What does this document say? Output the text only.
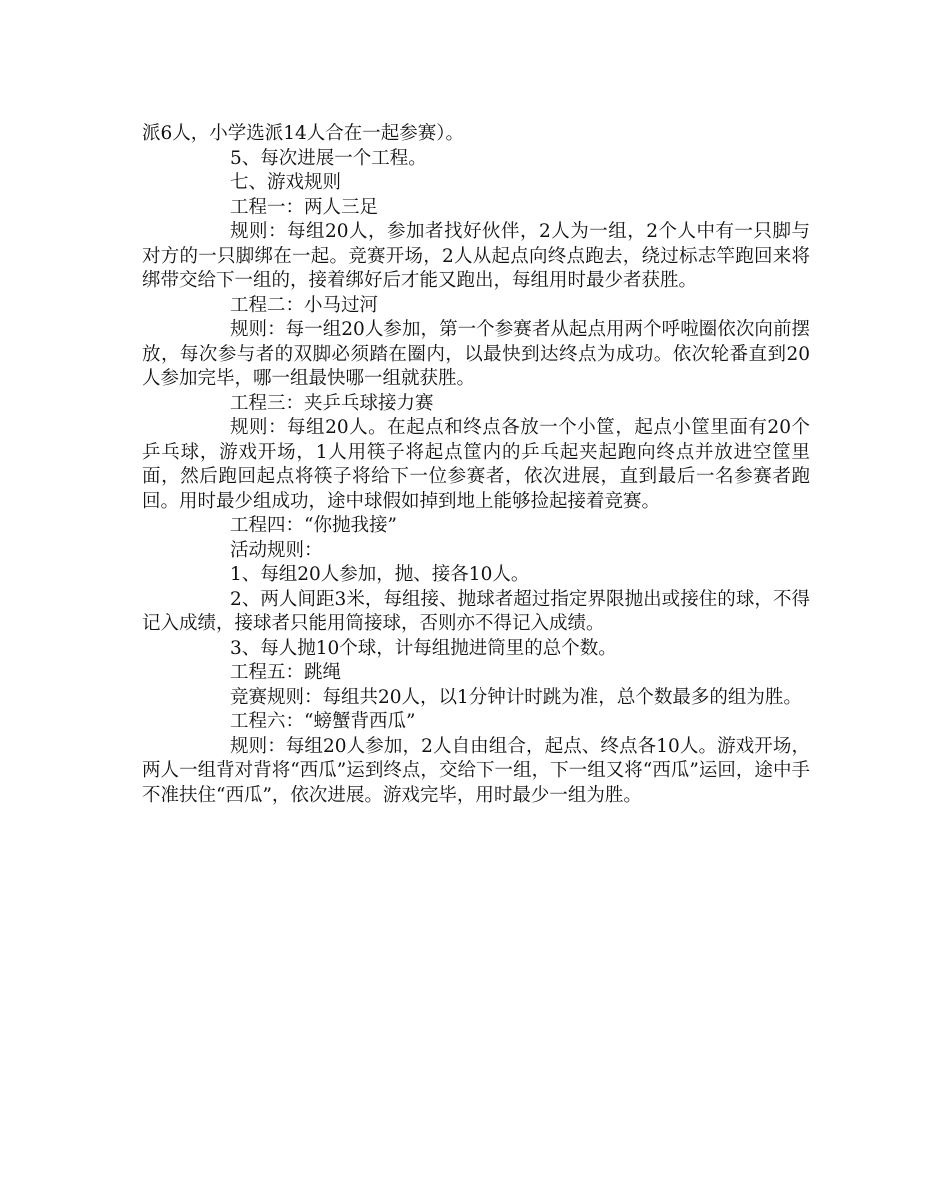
派6人，小学选派14人合在一起参赛）。

5、每次进展一个工程。

七、游戏规则

工程一：两人三足

规则：每组20人，参加者找好伙伴，2人为一组，2个人中有一只脚与对方的一只脚绑在一起。竞赛开场，2人从起点向终点跑去，绕过标志竿跑回来将绑带交给下一组的，接着绑好后才能又跑出，每组用时最少者获胜。

工程二：小马过河

规则：每一组20人参加，第一个参赛者从起点用两个呼啦圈依次向前摆放，每次参与者的双脚必须踏在圈内，以最快到达终点为成功。依次轮番直到20人参加完毕，哪一组最快哪一组就获胜。

工程三：夹乒乓球接力赛

规则：每组20人。在起点和终点各放一个小筐，起点小筐里面有20个乒乓球，游戏开场，1人用筷子将起点筐内的乒乓起夹起跑向终点并放进空筐里面，然后跑回起点将筷子将给下一位参赛者，依次进展，直到最后一名参赛者跑回。用时最少组成功，途中球假如掉到地上能够捡起接着竞赛。

工程四：“你抛我接”

活动规则：

1、每组20人参加，抛、接各10人。

2、两人间距3米，每组接、抛球者超过指定界限抛出或接住的球，不得记入成绩，接球者只能用筒接球，否则亦不得记入成绩。

3、每人抛10个球，计每组抛进筒里的总个数。

工程五：跳绳

竞赛规则：每组共20人，以1分钟计时跳为准，总个数最多的组为胜。

工程六：“螃蟹背西瓜”

规则：每组20人参加，2人自由组合，起点、终点各10人。游戏开场，两人一组背对背将“西瓜”运到终点，交给下一组，下一组又将“西瓜”运回，途中手不准扶住“西瓜”，依次进展。游戏完毕，用时最少一组为胜。
